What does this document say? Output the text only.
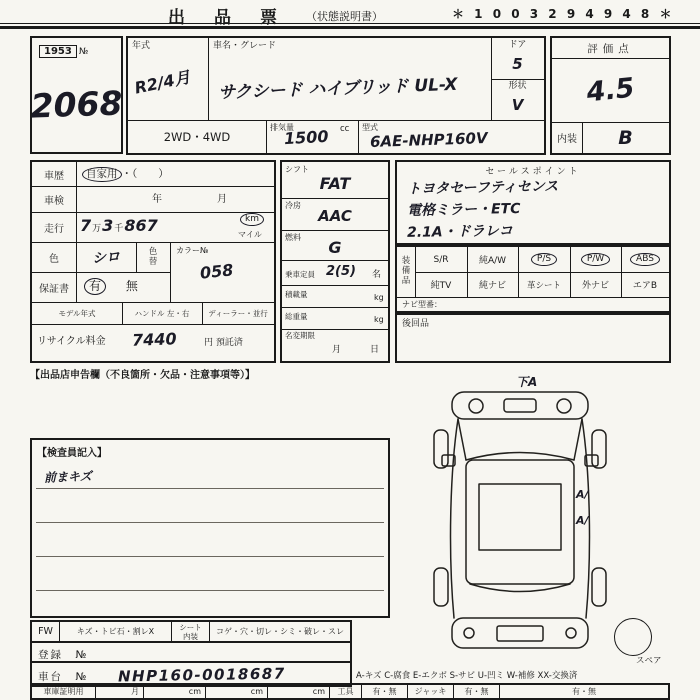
出　品　票 （状態説明書）	＊ 1 0 0 3 2 9 4 9 4 8 ＊
1953 №
2068
年式
R2/4月
車名・グレード
サクシード ハイブリッド UL-X
ドア
5
形状
V
2WD・4WD
排気量	cc
1500	型式
6AE-NHP160V
評価点
4.5
内装	B
車歴	自家用 ・（　　）
車検	年	月
走行	7 万 3 千 867	km
マイル
色	シロ	色替
カラー№
058
保証書	有 無
モデル年式	ハンドル 左・右	ディーラー・並行
リサイクル料金 7440	円 預託済
【出品店申告欄（不良箇所・欠品・注意事項等）】
シフト
FAT
冷房
AAC
燃料	G
乗車定員 2(5) 名
積載量	kg
総重量	kg
名変期限
月	日
セールスポイント
トヨタセーフティセンス
電格ミラー・ETC
2.1A・ドラレコ
装備品
S/R	純A/W	P/S	P/W	ABS
純TV	純ナビ	革シート	外ナビ	エアB
ナビ型番：
後回品
【検査員記入】
前まキズ
下A
A/
A/
スペア
FW	キズ・トビ石・割レX	シート内装	コゲ・穴・切レ・シミ・破レ・スレ
登録　№
車台　№ NHP160-0018687	A-キズ C-腐食 E-エクボ S-サビ U-凹ミ W-補修 XX-交換済
車庫証明用	月	cm	cm	cm	工具	有・無	ジャッキ	有・無	有・無
